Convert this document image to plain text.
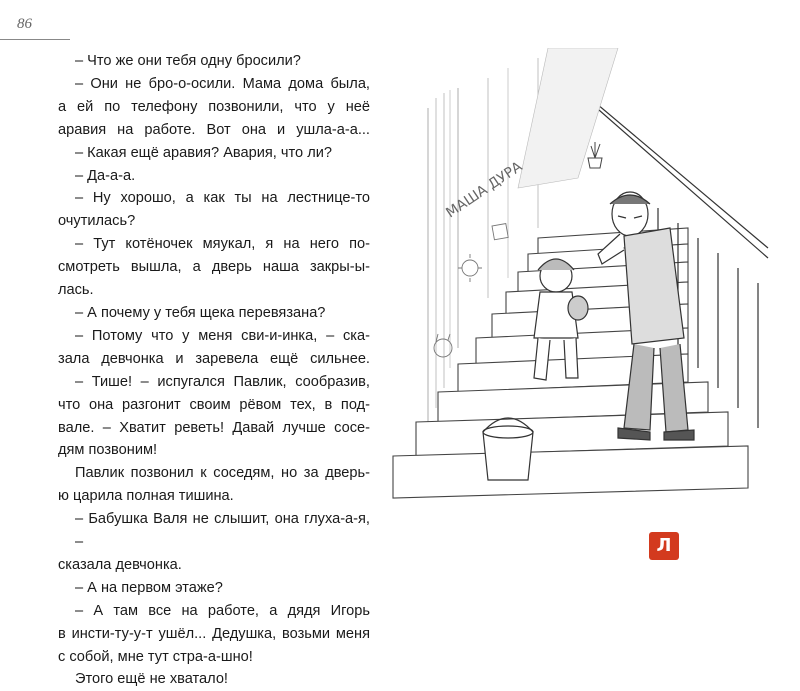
86
– Что же они тебя одну бросили?
– Они не бро-о-осили. Мама дома была,
а ей по телефону позвонили, что у неё
аравия на работе. Вот она и ушла-а-а...
– Какая ещё аравия? Авария, что ли?
– Да-а-а.
– Ну хорошо, а как ты на лестнице-то
очутилась?
– Тут котёночек мяукал, я на него по-
смотреть вышла, а дверь наша закры-ы-
лась.
– А почему у тебя щека перевязана?
– Потому что у меня сви-и-инка, – ска-
зала девчонка и заревела ещё сильнее.
– Тише! – испугался Павлик, сообразив,
что она разгонит своим рёвом тех, в под-
вале. – Хватит реветь! Давай лучше сосе-
дям позвоним!
Павлик позвонил к соседям, но за дверь-
ю царила полная тишина.
– Бабушка Валя не слышит, она глуха-а-я, –
сказала девчонка.
– А на первом этаже?
– А там все на работе, а дядя Игорь
в инсти-ту-у-т ушёл... Дедушка, возьми меня
с собой, мне тут стра-а-шно!
Этого ещё не хватало!
МАША ДУРА
Л
